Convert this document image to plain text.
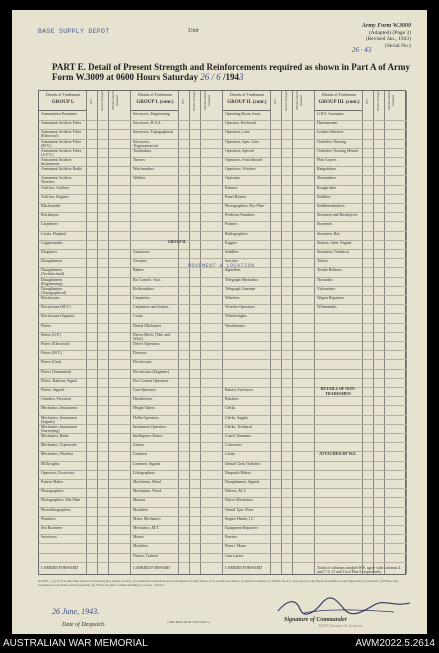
BASE SUPPLY DEPOT	Unit
Army Form W.3009
(Adapted) (Page 3)
(Revised Jan., 1943)
(Serial No.)
26 · 43
PART E. Detail of Present Strength and Reinforcements required as shown in Part A of Army Form W.3009 at 0600 Hours Saturday 26 / 6 /1943
Details of Tradesmen
GROUP I.	W.E.	Present Strength	Reinforcements Required
Ammunition Examiner
Armament Artificer Fitter
Armament Artificer Fitter (Electrical)
Armament Artificer Fitter (M.V.)
Armament Artificer Fitter (A.F.V.)
Armament Artificer Instruments
Armament Artificer Radio
Armament Artificer Wireless
Artificer, Artillery
Artificer, Engines
Blacksmiths
Bricklayers
Carpenters
Cooks, Hospital
Coppersmiths
Diegistors
Draughtsmen
Draughtsmen (Architectural)
Draughtsmen (Engineering)
Draughtsmen (Topographical)
Electricians
Electricians (M.V.)
Electricians (Signals)
Fitters
Fitters (G.P.)
Fitters (Electrical)
Fitters (M.V.)
Fitters (Gun)
Fitters (Armament)
Fitters, Railway Signal
Fitters, Signals
Grinders, Precision
Mechanics, Instrument
Mechanics, Instrument (Signals)
Mechanics, Instrument (Surveying)
Mechanics, Radio
Mechanics, Typewriter
Mechanics, Wireless
Millwrights
Operators, Excavator
Pattern Maker
Photographers
Photographers, Wet Plate
Photolithographers
Plumbers
Sea Bootmen
Surveyors
CARRIED FORWARD
Details of Tradesmen
GROUP I. (cont.)	W.E.	Present Strength	Reinforcements Required
Surveyors, Engineering
Surveyors, R.A.S.
Surveyors, Topographical
Surveyors, Trigonometrical
Toolmakers
Turners
Watchmakers
Welders
GROUP II.
Armourers
Assayers
Bakers
Bn. Comd's. Asst.
Boilermakers
Carpenters
Carpenters and Joiners
Cooks
Dental Mechanics
Driver Mech. (Tkd. and Whd.)
Driver Operators
Dressers
Electricians
Electricians (Engineer)
Fire Control Operators
Gun Operators
Hairdressers
Height Takers
Hollis Operators
Instrument Operators
Intelligence Duties
Joiners
Linemen
Linemen, Signals
Lithographers
Machinists, Metal
Machinists, Wood
Masons
Moulders
Motor Mechanics
Mechanics, M.T.
Miners
Moulders
Nurses, Trained
CARRIED FORWARD
Details of Tradesmen
GROUP II. (cont.)	W.E.	Present Strength	Reinforcements Required
Operating Room Assts.
Operator, Keyboard
Operators, Line
Operators, Spec. Line
Operators, Special
Operators, Switchboard
Operators, Wireless
Opticians
Painters
Panel Beaters
Photographers, Dry Plate
Predictor Numbers
Printers
Radiographers
Riggers
Saddlers
Sawyers
Signallers
Telegraph Mechanics
Telegraph Linemen
Wheelers
Wireless Operators
Wheelwrights
Woodturners
Battery Surveyors
Butchers
Clerks
Clerks, Supply
Clerks, Technical
Coach Trimmers
Concreters
Cooks
Dental Clerk Orderlies
Despatch Riders
Draughtsmen, Signals
Drivers, M.T.
Driver Mechanics
Dental Tpts. Fitter
Engine Hands, I.C.
Equipment Repairers
Farriers
Fitters' Mates
Gun Layers
CARRIED FORWARD
Details of Tradesmen
GROUP III. (cont.)	W.E.	Present Strength	Reinforcements Required
G.P.O. Assistants
Hammermen
Leather Stitchers
Orderlies, Nursing
Orderlies, Nursing Mental
Plate Layers
Rangetakers
Shoemakers
Roughriders
Saddlers
Saddletreemakers
Storemen and Bricklayers
Storemen
Storemen, Ref.
Stokers, Steer. Engine
Storemen, Technical
Tailors
Textile Refiners
Tinsmiths
Vulcanisers
Wagon Repairers
Whitesmiths
Totals of columns marked W.S. agree with columns 4 and 7, 9, 11 and 13 of Part A respectively.
DETAILS OF NON-TRADESMEN
ATTACHED BY W.E.
MOVEMENT & LOCATION
NOTES.—(a) If such other than (shown in brackets) give details on back. (b) Authorized tradesman and such numbers as they shown to be as indicated shown in green in brackets. (c) Where a R.A.S. trade group is the figure and number in the figure may be pencilled. (d) Where any tradesmen are provided add in separately. (e) Where the other column headings are in use: ‘Return’.
26 June, 1943.
Date of Despatch.	1,000 Pads 50/50 1/43 W.P.Co.	Signature of Commander
AWM Libraries & Archives
AUSTRALIAN WAR MEMORIAL	AWM2022.5.2614
